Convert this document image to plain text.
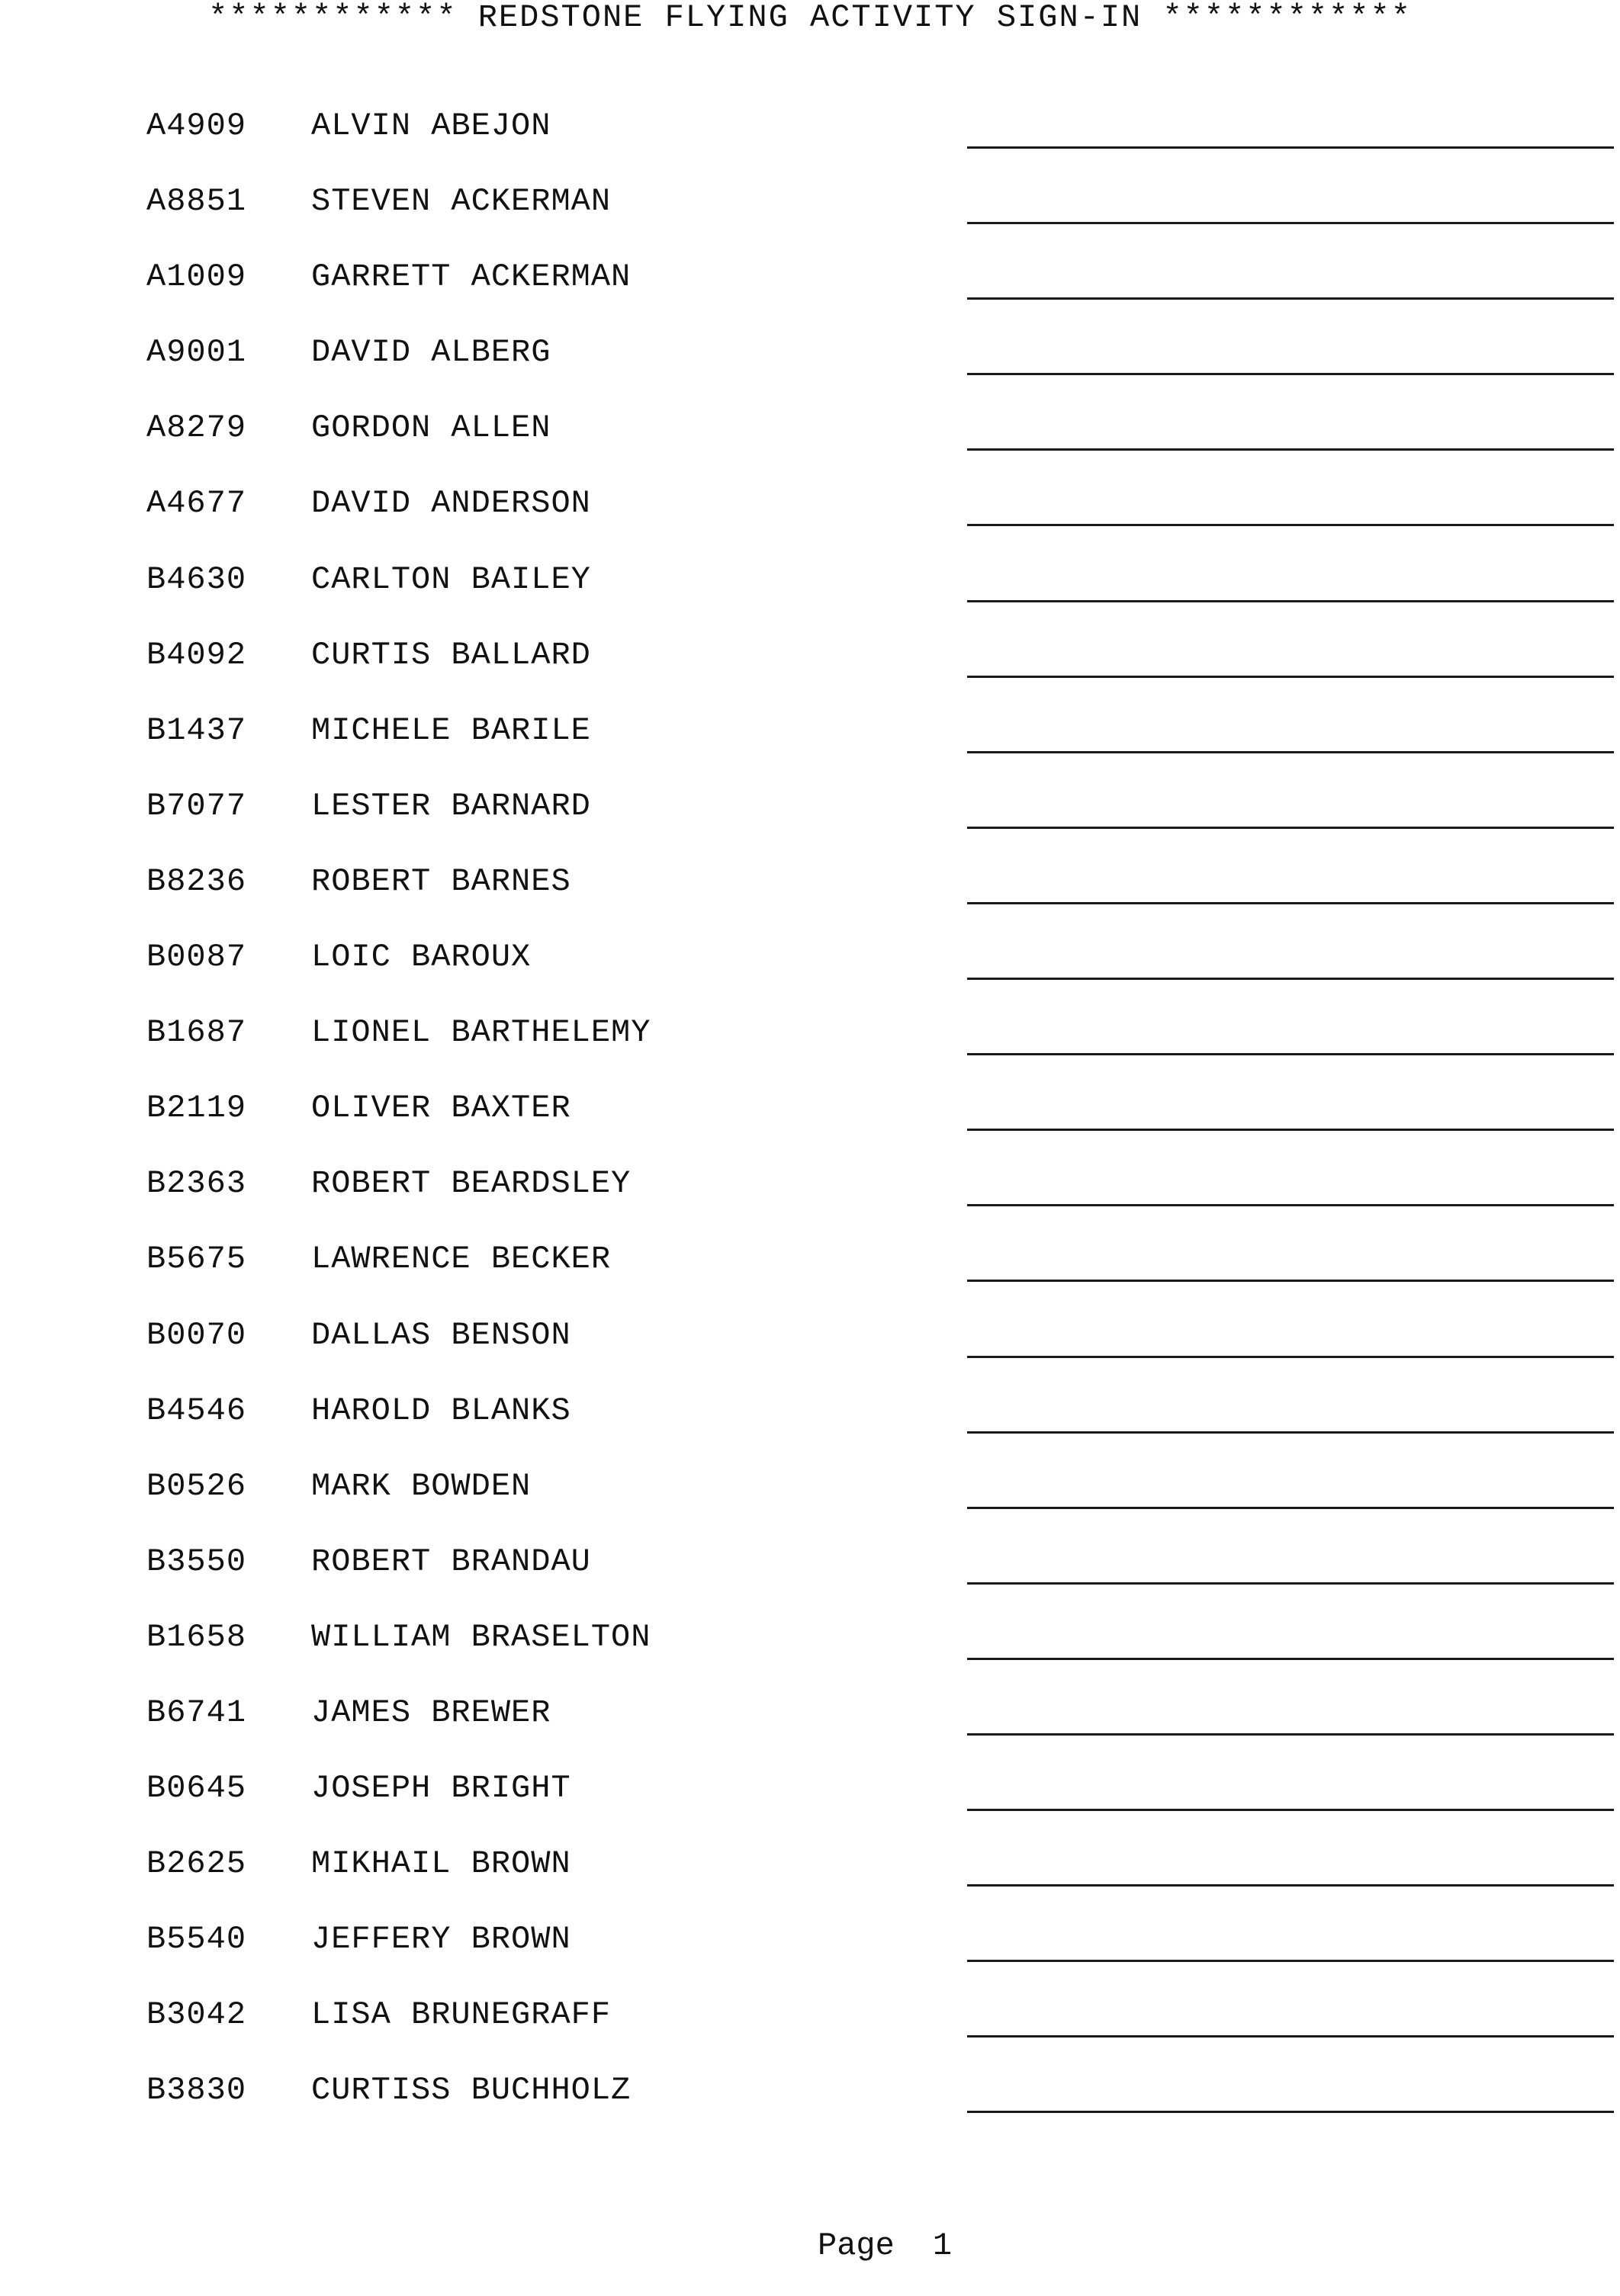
************ REDSTONE FLYING ACTIVITY SIGN-IN ************
A4909 ALVIN ABEJON
A8851 STEVEN ACKERMAN
A1009 GARRETT ACKERMAN
A9001 DAVID ALBERG
A8279 GORDON ALLEN
A4677 DAVID ANDERSON
B4630 CARLTON BAILEY
B4092 CURTIS BALLARD
B1437 MICHELE BARILE
B7077 LESTER BARNARD
B8236 ROBERT BARNES
B0087 LOIC BAROUX
B1687 LIONEL BARTHELEMY
B2119 OLIVER BAXTER
B2363 ROBERT BEARDSLEY
B5675 LAWRENCE BECKER
B0070 DALLAS BENSON
B4546 HAROLD BLANKS
B0526 MARK BOWDEN
B3550 ROBERT BRANDAU
B1658 WILLIAM BRASELTON
B6741 JAMES BREWER
B0645 JOSEPH BRIGHT
B2625 MIKHAIL BROWN
B5540 JEFFERY BROWN
B3042 LISA BRUNEGRAFF
B3830 CURTISS BUCHHOLZ
Page 1
